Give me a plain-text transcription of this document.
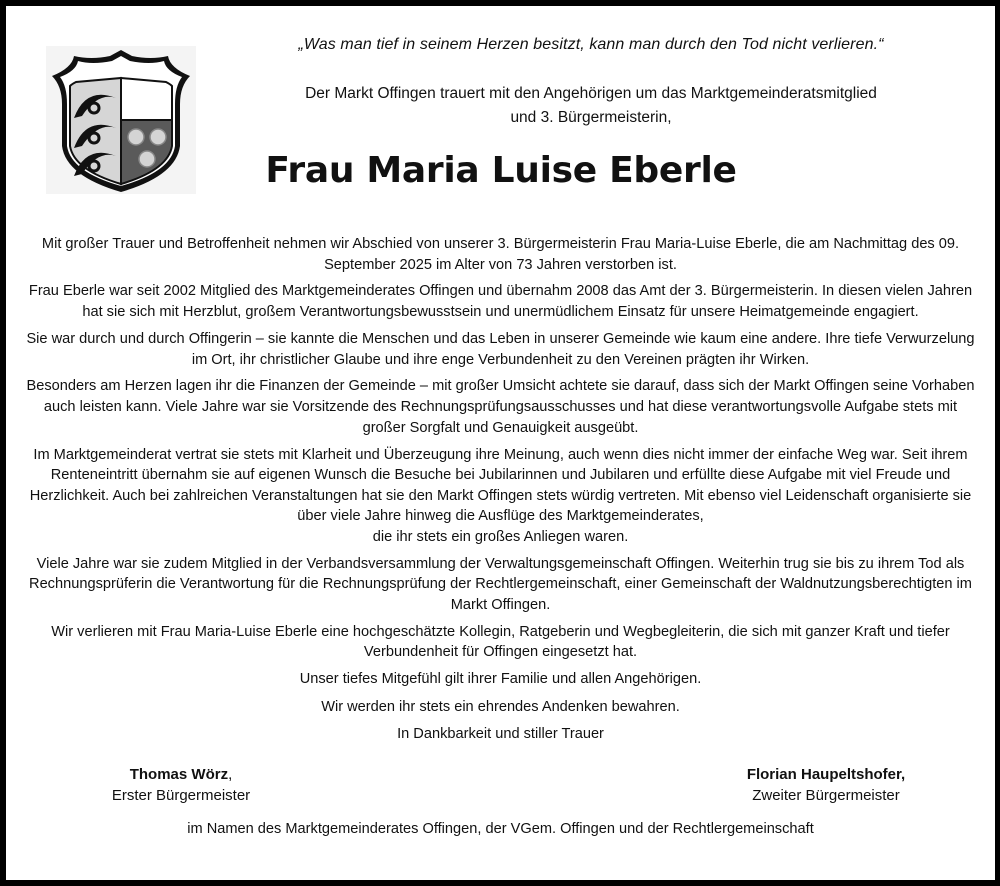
„Was man tief in seinem Herzen besitzt, kann man durch den Tod nicht verlieren.“
Der Markt Offingen trauert mit den Angehörigen um das Marktgemeinderatsmitglied
und 3. Bürgermeisterin,
Frau Maria Luise Eberle

Mit großer Trauer und Betroffenheit nehmen wir Abschied von unserer 3. Bürgermeisterin Frau Maria-Luise Eberle, die am Nachmittag des 09. September 2025 im Alter von 73 Jahren verstorben ist.

Frau Eberle war seit 2002 Mitglied des Marktgemeinderates Offingen und übernahm 2008 das Amt der 3. Bürgermeisterin. In diesen vielen Jahren hat sie sich mit Herzblut, großem Verantwortungsbewusstsein und unermüdlichem Einsatz für unsere Heimatgemeinde engagiert.

Sie war durch und durch Offingerin – sie kannte die Menschen und das Leben in unserer Gemeinde wie kaum eine andere. Ihre tiefe Verwurzelung im Ort, ihr christlicher Glaube und ihre enge Verbundenheit zu den Vereinen prägten ihr Wirken.

Besonders am Herzen lagen ihr die Finanzen der Gemeinde – mit großer Umsicht achtete sie darauf, dass sich der Markt Offingen seine Vorhaben auch leisten kann. Viele Jahre war sie Vorsitzende des Rechnungsprüfungsausschusses und hat diese verantwortungsvolle Aufgabe stets mit großer Sorgfalt und Genauigkeit ausgeübt.

Im Marktgemeinderat vertrat sie stets mit Klarheit und Überzeugung ihre Meinung, auch wenn dies nicht immer der einfache Weg war. Seit ihrem Renteneintritt übernahm sie auf eigenen Wunsch die Besuche bei Jubilarinnen und Jubilaren und erfüllte diese Aufgabe mit viel Freude und Herzlichkeit. Auch bei zahlreichen Veranstaltungen hat sie den Markt Offingen stets würdig vertreten. Mit ebenso viel Leidenschaft organisierte sie über viele Jahre hinweg die Ausflüge des Marktgemeinderates,

die ihr stets ein großes Anliegen waren.

Viele Jahre war sie zudem Mitglied in der Verbandsversammlung der Verwaltungsgemeinschaft Offingen. Weiterhin trug sie bis zu ihrem Tod als Rechnungsprüferin die Verantwortung für die Rechnungsprüfung der Rechtlergemeinschaft, einer Gemeinschaft der Waldnutzungsberechtigten im Markt Offingen.

Wir verlieren mit Frau Maria-Luise Eberle eine hochgeschätzte Kollegin, Ratgeberin und Wegbegleiterin, die sich mit ganzer Kraft und tiefer Verbundenheit für Offingen eingesetzt hat.

Unser tiefes Mitgefühl gilt ihrer Familie und allen Angehörigen.

Wir werden ihr stets ein ehrendes Andenken bewahren.

In Dankbarkeit und stiller Trauer

Thomas Wörz,
Erster Bürgermeister
Florian Haupeltshofer,
Zweiter Bürgermeister
im Namen des Marktgemeinderates Offingen, der VGem. Offingen und der Rechtlergemeinschaft
